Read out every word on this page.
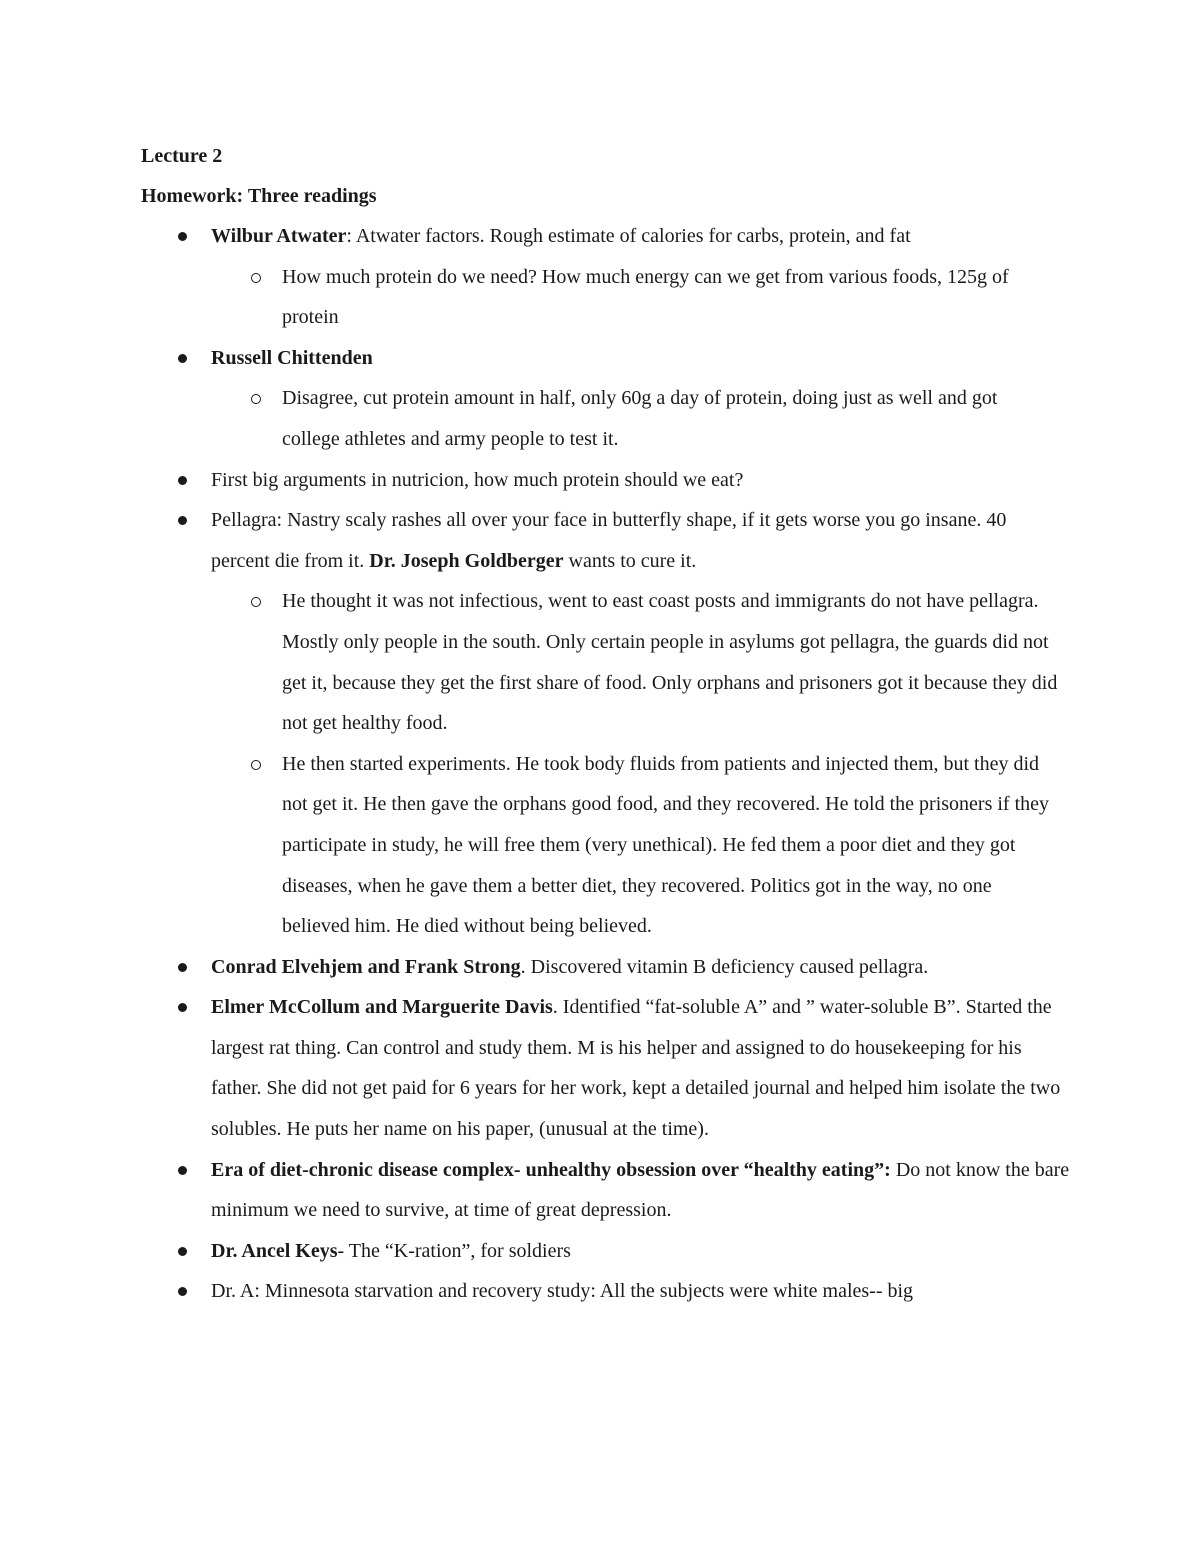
Lecture 2
Homework: Three readings
Wilbur Atwater: Atwater factors. Rough estimate of calories for carbs, protein, and fat
How much protein do we need? How much energy can we get from various foods, 125g of protein
Russell Chittenden
Disagree, cut protein amount in half, only 60g a day of protein, doing just as well and got college athletes and army people to test it.
First big arguments in nutricion, how much protein should we eat?
Pellagra: Nastry scaly rashes all over your face in butterfly shape, if it gets worse you go insane. 40 percent die from it. Dr. Joseph Goldberger wants to cure it.
He thought it was not infectious, went to east coast posts and immigrants do not have pellagra. Mostly only people in the south. Only certain people in asylums got pellagra, the guards did not get it, because they get the first share of food. Only orphans and prisoners got it because they did not get healthy food.
He then started experiments. He took body fluids from patients and injected them, but they did not get it. He then gave the orphans good food, and they recovered. He told the prisoners if they participate in study, he will free them (very unethical). He fed them a poor diet and they got diseases, when he gave them a better diet, they recovered. Politics got in the way, no one believed him. He died without being believed.
Conrad Elvehjem and Frank Strong. Discovered vitamin B deficiency caused pellagra.
Elmer McCollum and Marguerite Davis. Identified “fat-soluble A” and ” water-soluble B”. Started the largest rat thing. Can control and study them. M is his helper and assigned to do housekeeping for his father. She did not get paid for 6 years for her work, kept a detailed journal and helped him isolate the two solubles. He puts her name on his paper, (unusual at the time).
Era of diet-chronic disease complex- unhealthy obsession over “healthy eating”: Do not know the bare minimum we need to survive, at time of great depression.
Dr. Ancel Keys- The “K-ration”, for soldiers
Dr. A: Minnesota starvation and recovery study: All the subjects were white males-- big
